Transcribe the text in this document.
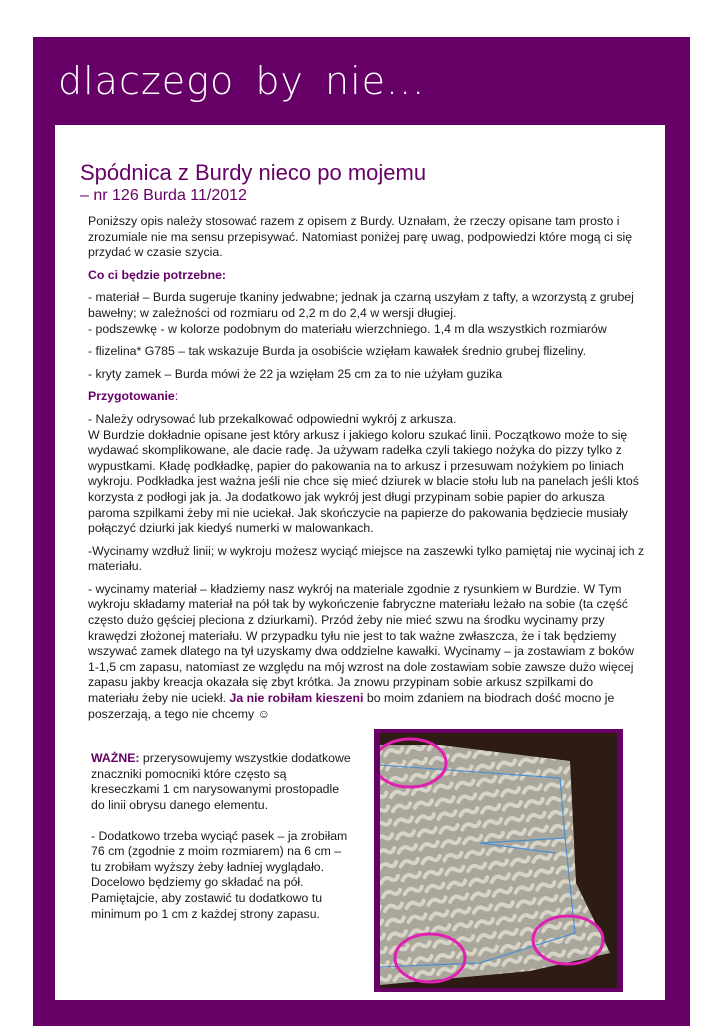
dlaczego by nie...
Spódnica z Burdy nieco po mojemu
– nr 126 Burda 11/2012

Poniższy opis należy stosować razem z opisem z Burdy. Uznałam, że rzeczy opisane tam prosto i zrozumiale nie ma sensu przepisywać. Natomiast poniżej parę uwag, podpowiedzi które mogą ci się przydać w czasie szycia.

Co ci będzie potrzebne:

- materiał – Burda sugeruje tkaniny jedwabne; jednak ja czarną uszyłam z tafty, a wzorzystą z grubej bawełny; w zależności od rozmiaru od 2,2 m do 2,4 w wersji długiej.
- podszewkę - w kolorze podobnym do materiału wierzchniego. 1,4 m dla wszystkich rozmiarów

- flizelina* G785 – tak wskazuje Burda ja osobiście wzięłam kawałek średnio grubej flizeliny.

- kryty zamek – Burda mówi że 22 ja wzięłam 25 cm za to nie użyłam guzika

Przygotowanie:

- Należy odrysować lub przekalkować odpowiedni wykrój z arkusza.
W Burdzie dokładnie opisane jest który arkusz i jakiego koloru szukać linii. Początkowo może to się wydawać skomplikowane, ale dacie radę. Ja używam radełka czyli takiego nożyka do pizzy tylko z wypustkami. Kładę podkładkę, papier do pakowania na to arkusz i przesuwam nożykiem po liniach wykroju. Podkładka jest ważna jeśli nie chce się mieć dziurek w blacie stołu lub na panelach jeśli ktoś korzysta z podłogi jak ja. Ja dodatkowo jak wykrój jest długi przypinam sobie papier do arkusza paroma szpilkami żeby mi nie uciekał. Jak skończycie na papierze do pakowania będziecie musiały połączyć dziurki jak kiedyś numerki w malowankach.

-Wycinamy wzdłuż linii; w wykroju możesz wyciąć miejsce na zaszewki tylko pamiętaj nie wycinaj ich z materiału.

- wycinamy materiał – kładziemy nasz wykrój na materiale zgodnie z rysunkiem w Burdzie. W Tym wykroju składamy materiał na pół tak by wykończenie fabryczne materiału leżało na sobie (ta część często dużo gęściej pleciona z dziurkami). Przód żeby nie mieć szwu na środku wycinamy przy krawędzi złożonej materiału. W przypadku tyłu nie jest to tak ważne zwłaszcza, że i tak będziemy wszywać zamek dlatego na tył uzyskamy dwa oddzielne kawałki. Wycinamy – ja zostawiam z boków 1-1,5 cm zapasu, natomiast ze względu na mój wzrost na dole zostawiam sobie zawsze dużo więcej zapasu jakby kreacja okazała się zbyt krótka. Ja znowu przypinam sobie arkusz szpilkami do materiału żeby nie uciekł. Ja nie robiłam kieszeni bo moim zdaniem na biodrach dość mocno je poszerzają, a tego nie chcemy ☺

WAŻNE: przerysowujemy wszystkie dodatkowe znaczniki pomocniki które często są kreseczkami 1 cm narysowanymi prostopadle do linii obrysu danego elementu.

- Dodatkowo trzeba wyciąć pasek – ja zrobiłam 76 cm (zgodnie z moim rozmiarem) na 6 cm – tu zrobiłam wyższy żeby ładniej wyglądało. Docelowo będziemy go składać na pół. Pamiętajcie, aby zostawić tu dodatkowo tu minimum po 1 cm z każdej strony zapasu.
